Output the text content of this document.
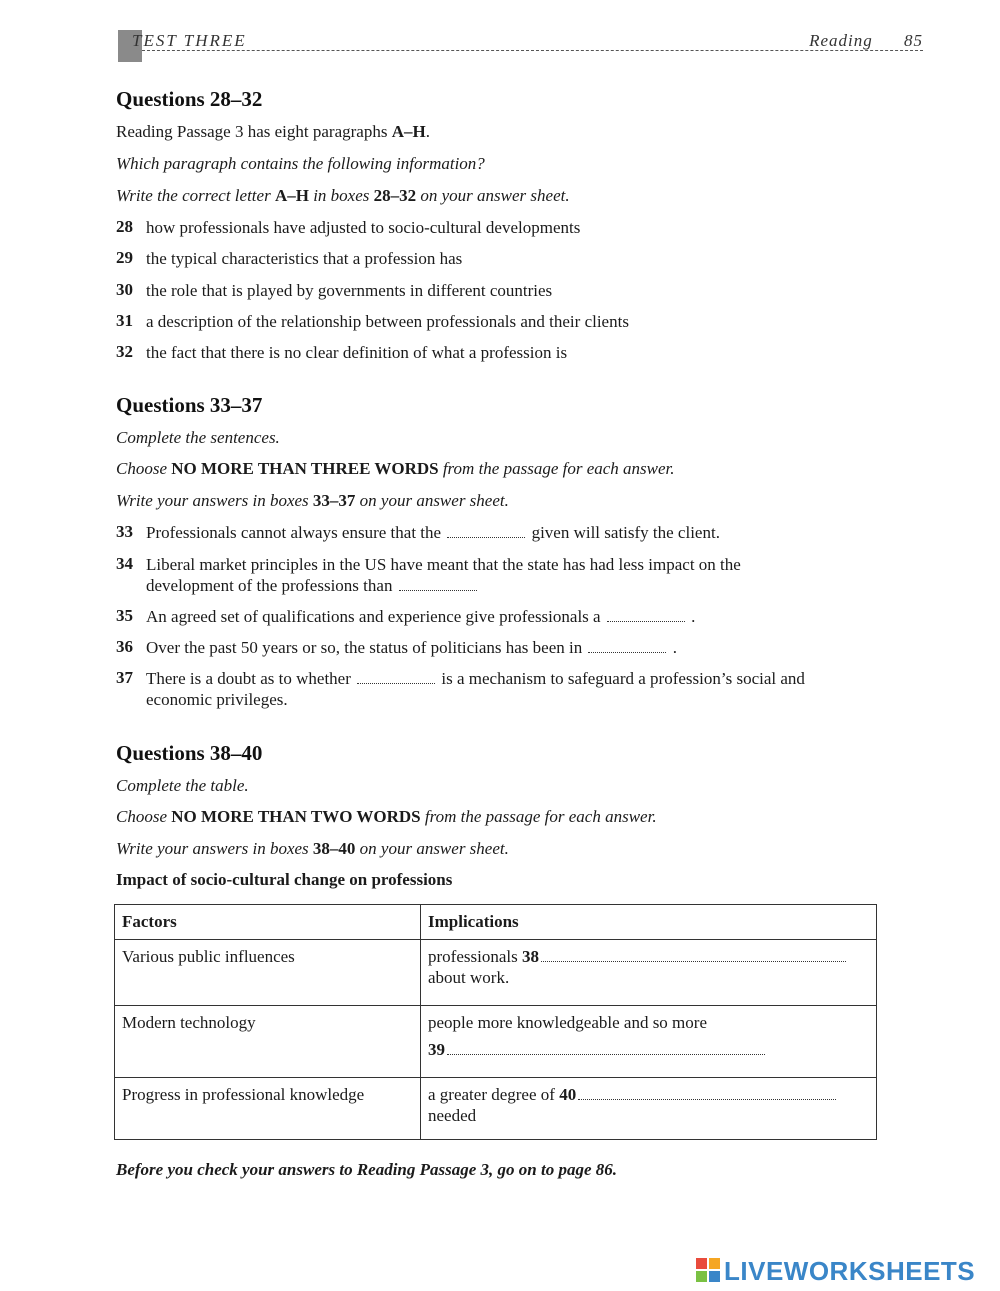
TEST THREE	Reading 85
Questions 28–32
Reading Passage 3 has eight paragraphs A–H.
Which paragraph contains the following information?
Write the correct letter A–H in boxes 28–32 on your answer sheet.
28 how professionals have adjusted to socio-cultural developments
29 the typical characteristics that a profession has
30 the role that is played by governments in different countries
31 a description of the relationship between professionals and their clients
32 the fact that there is no clear definition of what a profession is
Questions 33–37
Complete the sentences.
Choose NO MORE THAN THREE WORDS from the passage for each answer.
Write your answers in boxes 33–37 on your answer sheet.
33 Professionals cannot always ensure that the	given will satisfy the client.
34 Liberal market principles in the US have meant that the state has had less impact on the
development of the professions than
35 An agreed set of qualifications and experience give professionals a	.
36 Over the past 50 years or so, the status of politicians has been in	.
37 There is a doubt as to whether	is a mechanism to safeguard a profession’s social and
economic privileges.
Questions 38–40
Complete the table.
Choose NO MORE THAN TWO WORDS from the passage for each answer.
Write your answers in boxes 38–40 on your answer sheet.
Impact of socio-cultural change on professions
Factors	Implications
Various public influences	professionals 38
about work.
Modern technology	people more knowledgeable and so more
39
Progress in professional knowledge	a greater degree of 40
needed
Before you check your answers to Reading Passage 3, go on to page 86.
LIVEWORKSHEETS
